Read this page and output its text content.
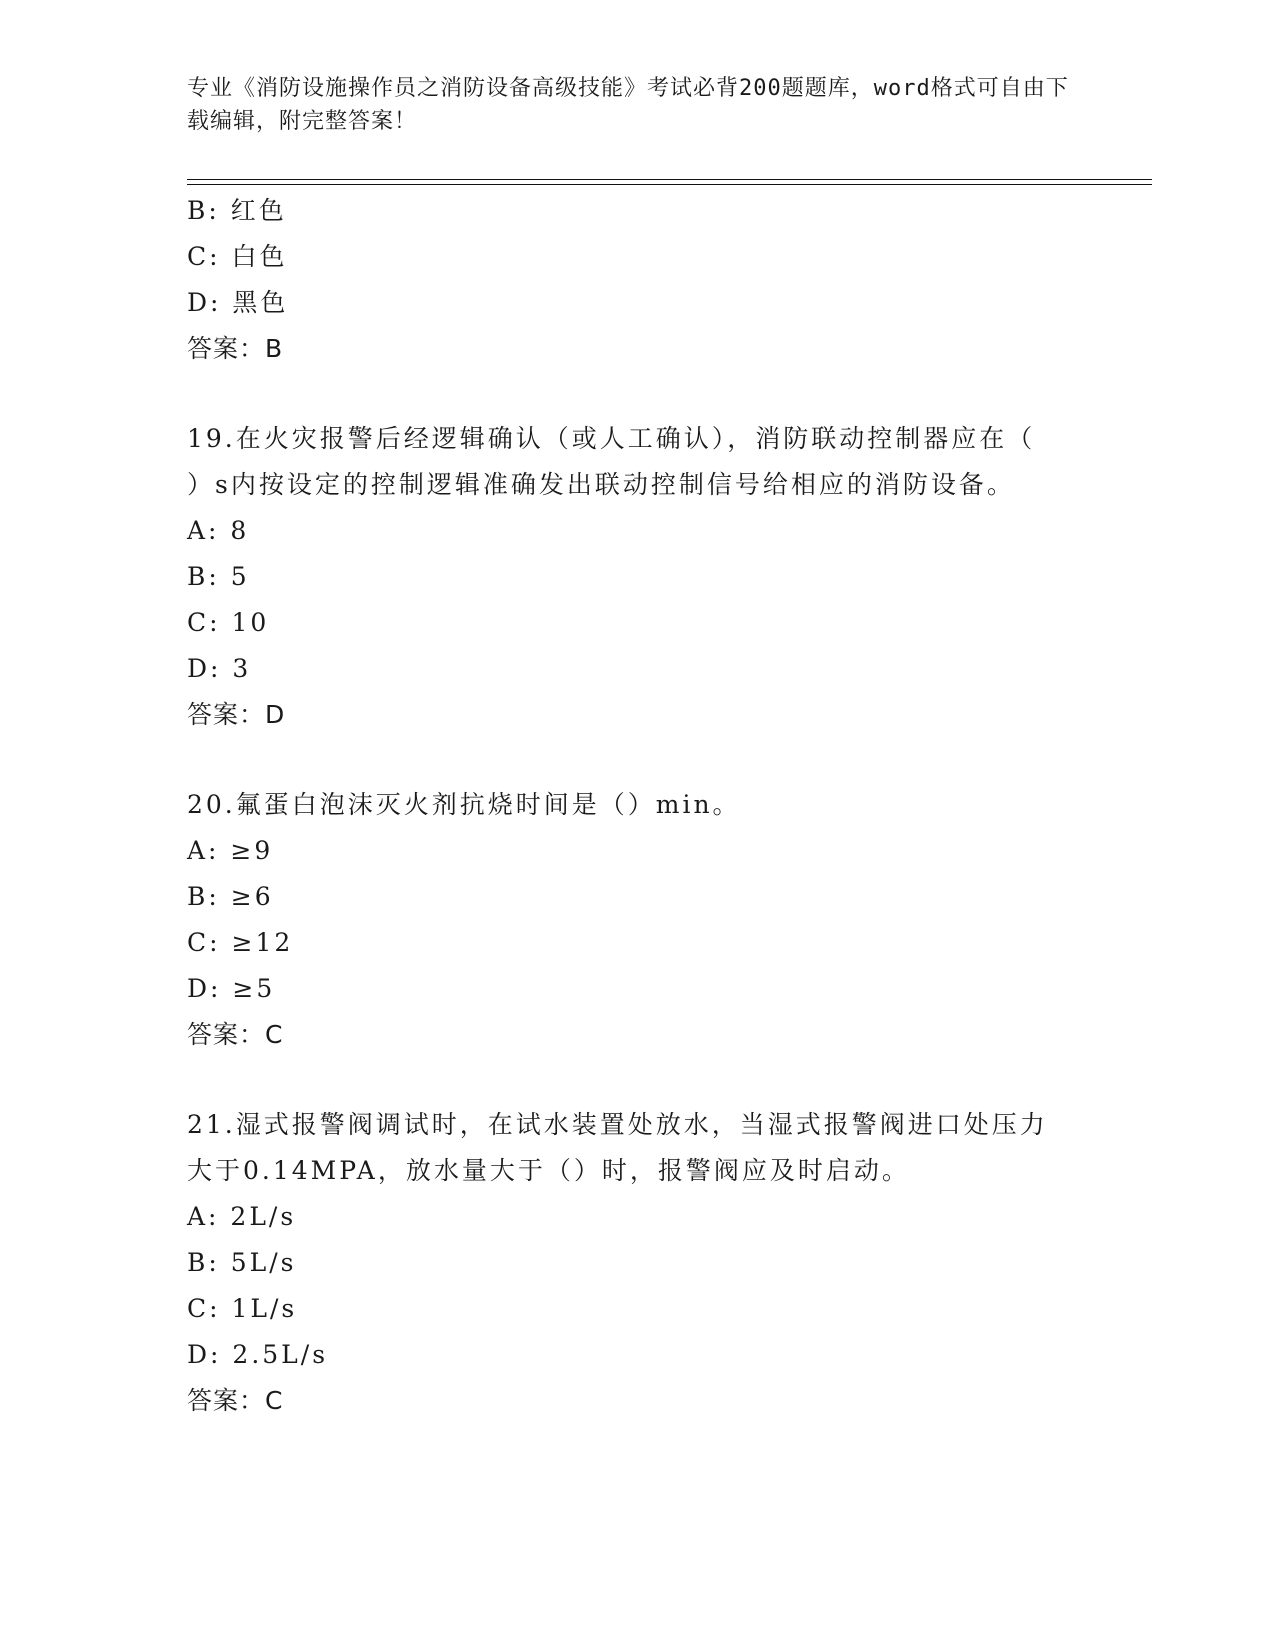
专业《消防设施操作员之消防设备高级技能》考试必背200题题库，word格式可自由下载编辑，附完整答案！
B: 红色
C: 白色
D: 黑色
答案：B
19.在火灾报警后经逻辑确认（或人工确认），消防联动控制器应在（
）s内按设定的控制逻辑准确发出联动控制信号给相应的消防设备。
A: 8
B: 5
C: 10
D: 3
答案：D
20.氟蛋白泡沫灭火剂抗烧时间是（）min。
A: ≥9
B: ≥6
C: ≥12
D: ≥5
答案：C
21.湿式报警阀调试时，在试水装置处放水，当湿式报警阀进口处压力
大于0.14MPA，放水量大于（）时，报警阀应及时启动。
A: 2L/s
B: 5L/s
C: 1L/s
D: 2.5L/s
答案：C
